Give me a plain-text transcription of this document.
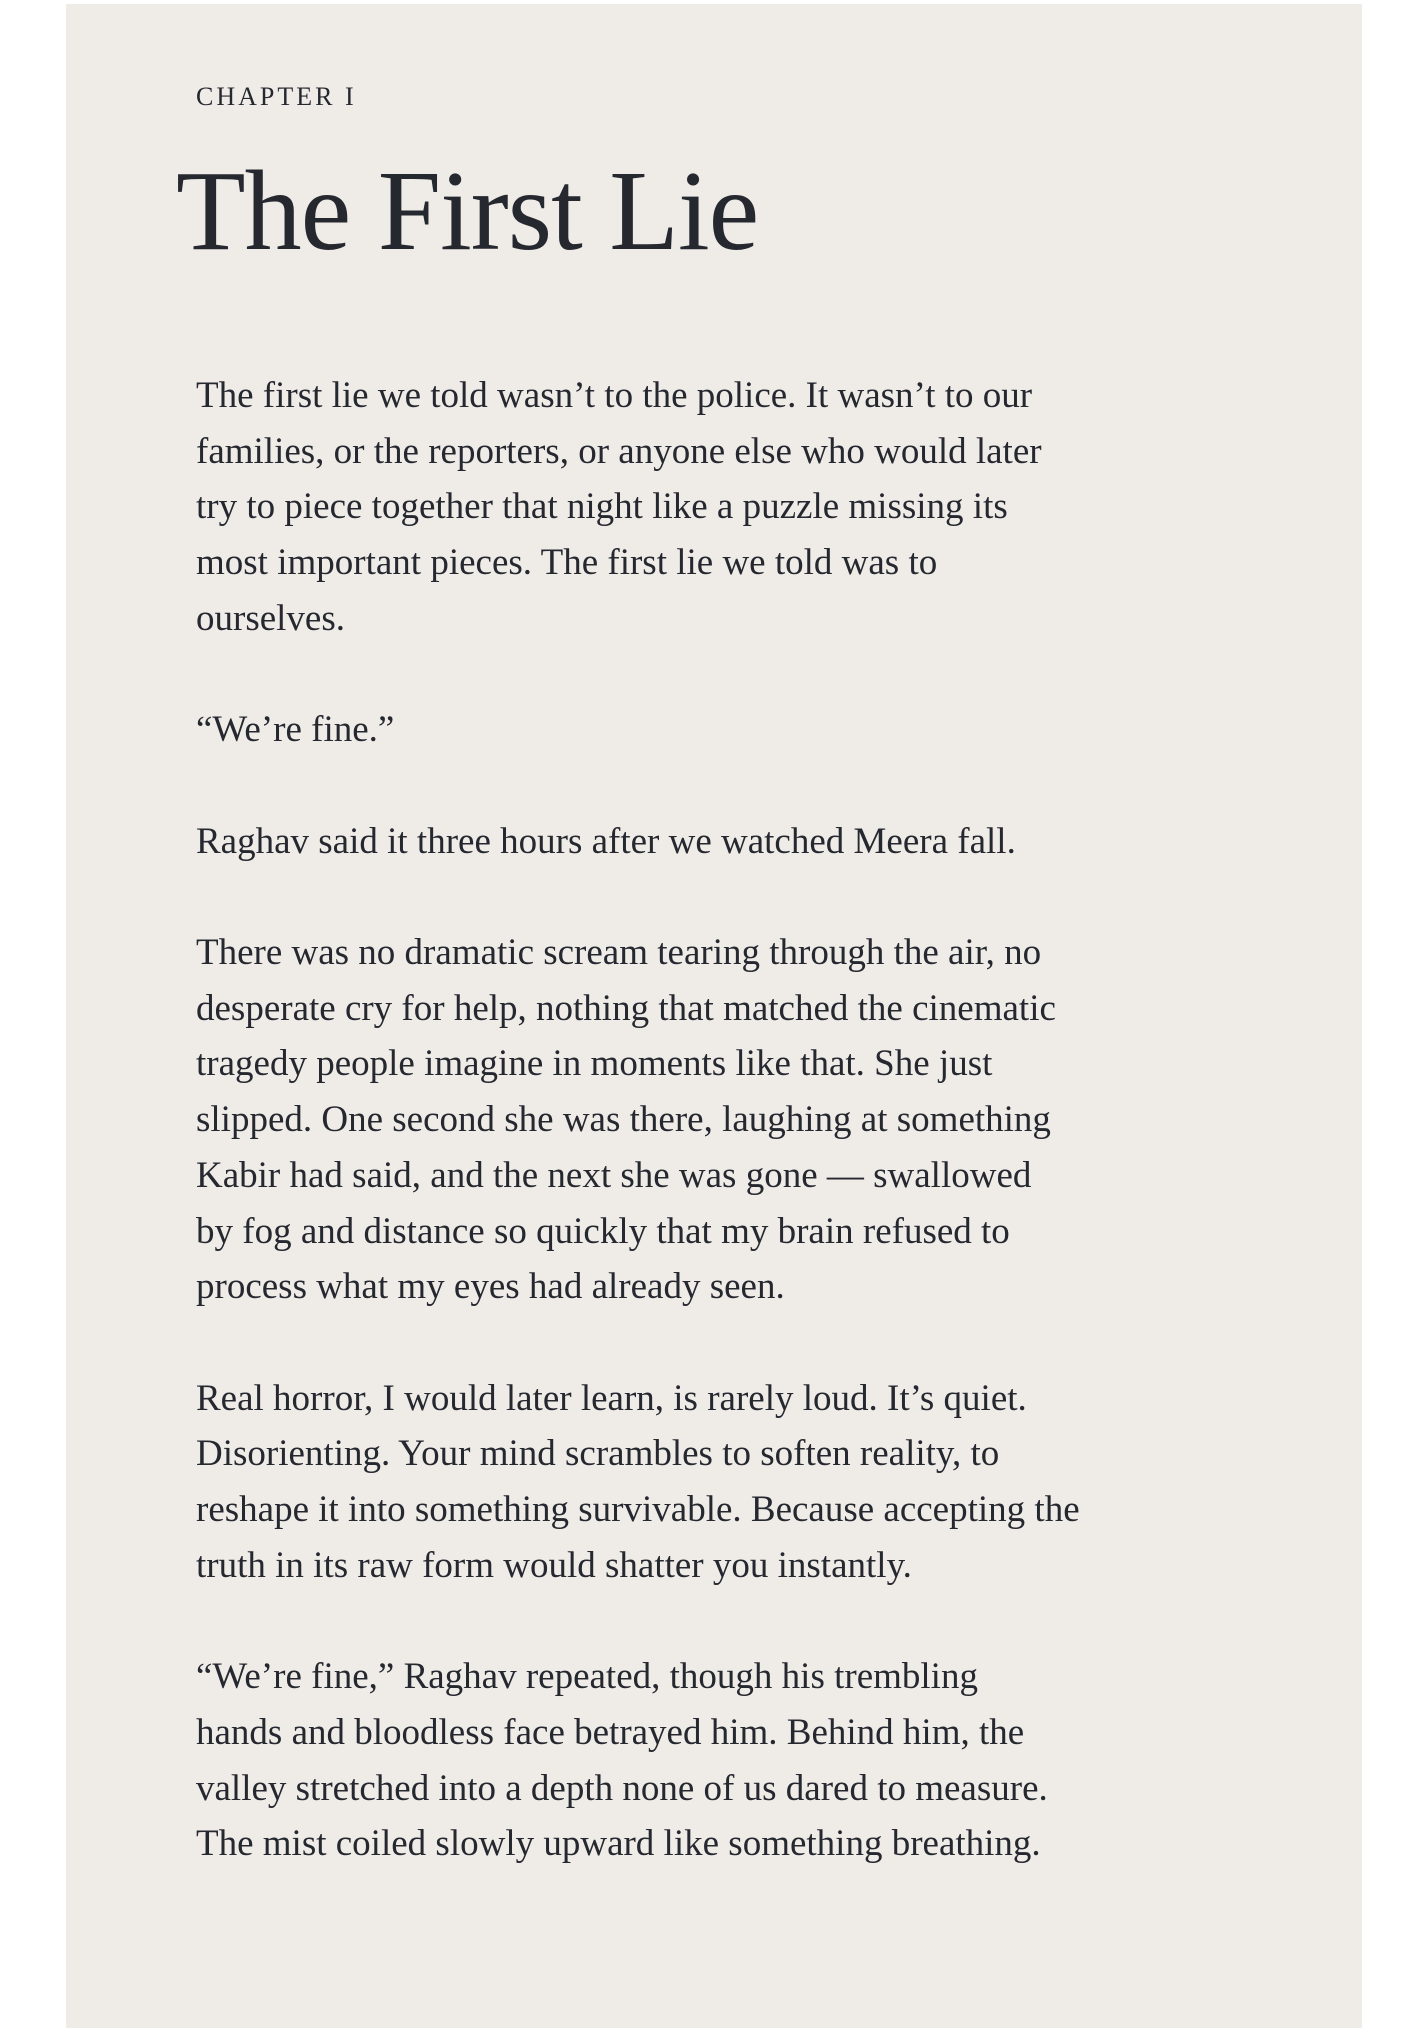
CHAPTER I
The First Lie

The first lie we told wasn’t to the police. It wasn’t to our
families, or the reporters, or anyone else who would later
try to piece together that night like a puzzle missing its
most important pieces. The first lie we told was to
ourselves.

“We’re fine.”

Raghav said it three hours after we watched Meera fall.

There was no dramatic scream tearing through the air, no
desperate cry for help, nothing that matched the cinematic
tragedy people imagine in moments like that. She just
slipped. One second she was there, laughing at something
Kabir had said, and the next she was gone — swallowed
by fog and distance so quickly that my brain refused to
process what my eyes had already seen.

Real horror, I would later learn, is rarely loud. It’s quiet.
Disorienting. Your mind scrambles to soften reality, to
reshape it into something survivable. Because accepting the
truth in its raw form would shatter you instantly.

“We’re fine,” Raghav repeated, though his trembling
hands and bloodless face betrayed him. Behind him, the
valley stretched into a depth none of us dared to measure.
The mist coiled slowly upward like something breathing.
